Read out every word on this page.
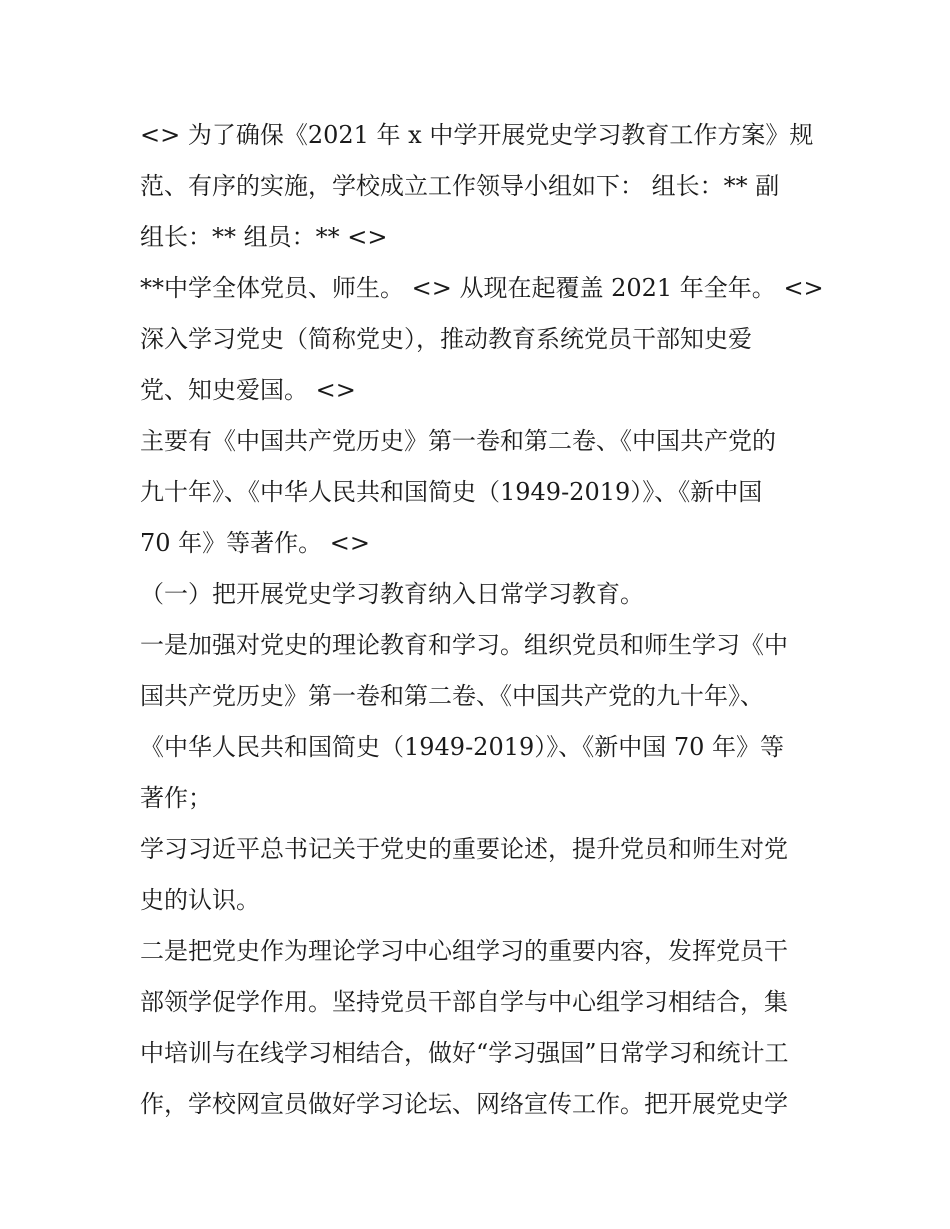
<> 为了确保《2021 年 x 中学开展党史学习教育工作方案》规
范、有序的实施，学校成立工作领导小组如下： 组长：** 副
组长：** 组员：** <>
**中学全体党员、师生。 <> 从现在起覆盖 2021 年全年。 <>
深入学习党史（简称党史），推动教育系统党员干部知史爱
党、知史爱国。 <>
主要有《中国共产党历史》第一卷和第二卷、《中国共产党的
九十年》、《中华人民共和国简史（1949-2019）》、《新中国
70 年》等著作。 <>
（一）把开展党史学习教育纳入日常学习教育。
一是加强对党史的理论教育和学习。组织党员和师生学习《中
国共产党历史》第一卷和第二卷、《中国共产党的九十年》、
《中华人民共和国简史（1949-2019）》、《新中国 70 年》等
著作；
学习习近平总书记关于党史的重要论述，提升党员和师生对党
史的认识。
二是把党史作为理论学习中心组学习的重要内容，发挥党员干
部领学促学作用。坚持党员干部自学与中心组学习相结合，集
中培训与在线学习相结合，做好“学习强国”日常学习和统计工
作，学校网宣员做好学习论坛、网络宣传工作。把开展党史学
